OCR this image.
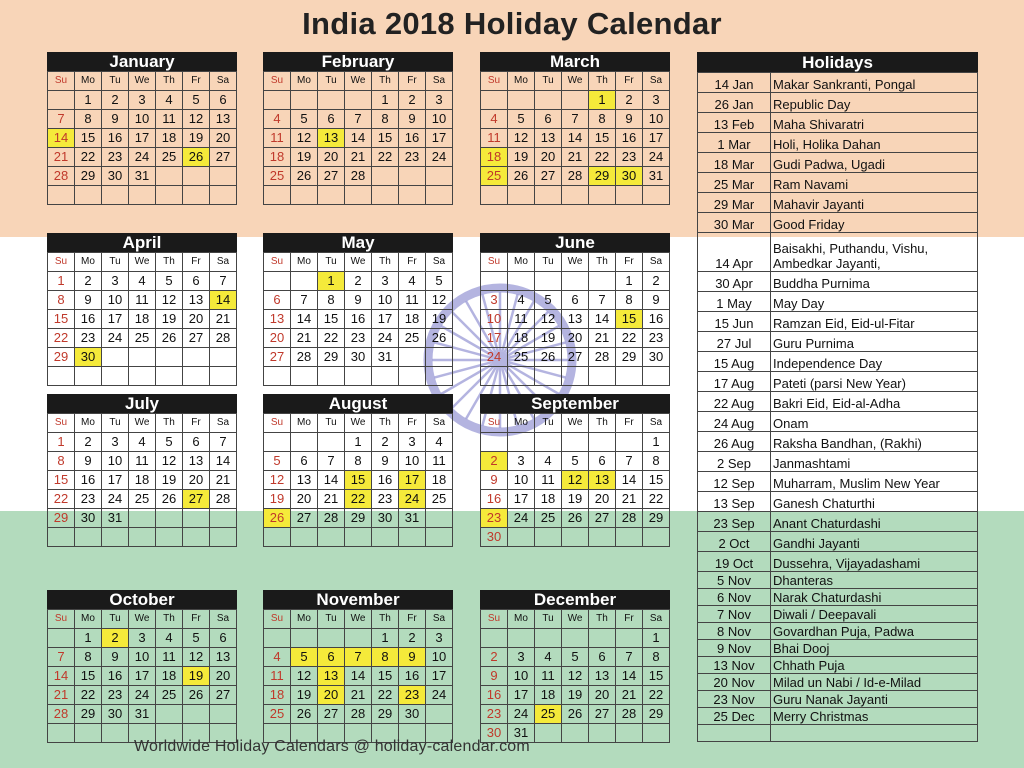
India 2018 Holiday Calendar
January
Su	Mo	Tu	We	Th	Fr	Sa
	1	2	3	4	5	6
7	8	9	10	11	12	13
14	15	16	17	18	19	20
21	22	23	24	25	26	27
28	29	30	31			

February
Su	Mo	Tu	We	Th	Fr	Sa
				1	2	3
4	5	6	7	8	9	10
11	12	13	14	15	16	17
18	19	20	21	22	23	24
25	26	27	28			

March
Su	Mo	Tu	We	Th	Fr	Sa
				1	2	3
4	5	6	7	8	9	10
11	12	13	14	15	16	17
18	19	20	21	22	23	24
25	26	27	28	29	30	31

April
Su	Mo	Tu	We	Th	Fr	Sa
1	2	3	4	5	6	7
8	9	10	11	12	13	14
15	16	17	18	19	20	21
22	23	24	25	26	27	28
29	30					

May
Su	Mo	Tu	We	Th	Fr	Sa
		1	2	3	4	5
6	7	8	9	10	11	12
13	14	15	16	17	18	19
20	21	22	23	24	25	26
27	28	29	30	31		

June
Su	Mo	Tu	We	Th	Fr	Sa
					1	2
3	4	5	6	7	8	9
10	11	12	13	14	15	16
17	18	19	20	21	22	23
24	25	26	27	28	29	30

July
Su	Mo	Tu	We	Th	Fr	Sa
1	2	3	4	5	6	7
8	9	10	11	12	13	14
15	16	17	18	19	20	21
22	23	24	25	26	27	28
29	30	31				

August
Su	Mo	Tu	We	Th	Fr	Sa
			1	2	3	4
5	6	7	8	9	10	11
12	13	14	15	16	17	18
19	20	21	22	23	24	25
26	27	28	29	30	31	

September
Su	Mo	Tu	We	Th	Fr	Sa
						1
2	3	4	5	6	7	8
9	10	11	12	13	14	15
16	17	18	19	20	21	22
23	24	25	26	27	28	29
30						
October
Su	Mo	Tu	We	Th	Fr	Sa
	1	2	3	4	5	6
7	8	9	10	11	12	13
14	15	16	17	18	19	20
21	22	23	24	25	26	27
28	29	30	31			

November
Su	Mo	Tu	We	Th	Fr	Sa
				1	2	3
4	5	6	7	8	9	10
11	12	13	14	15	16	17
18	19	20	21	22	23	24
25	26	27	28	29	30	

December
Su	Mo	Tu	We	Th	Fr	Sa
						1
2	3	4	5	6	7	8
9	10	11	12	13	14	15
16	17	18	19	20	21	22
23	24	25	26	27	28	29
30	31					
Holidays
14 Jan	Makar Sankranti, Pongal
26 Jan	Republic Day
13 Feb	Maha Shivaratri
1 Mar	Holi, Holika Dahan
18 Mar	Gudi Padwa, Ugadi
25 Mar	Ram Navami
29 Mar	Mahavir Jayanti
30 Mar	Good Friday
14 Apr	Baisakhi, Puthandu, Vishu, Ambedkar Jayanti,
30 Apr	Buddha Purnima
1 May	May Day
15 Jun	Ramzan Eid, Eid-ul-Fitar
27 Jul	Guru Purnima
15 Aug	Independence Day
17 Aug	Pateti (parsi New Year)
22 Aug	Bakri Eid, Eid-al-Adha
24 Aug	Onam
26 Aug	Raksha Bandhan, (Rakhi)
2 Sep	Janmashtami
12 Sep	Muharram, Muslim New Year
13 Sep	Ganesh Chaturthi
23 Sep	Anant Chaturdashi
2 Oct	Gandhi Jayanti
19 Oct	Dussehra, Vijayadashami
5 Nov	Dhanteras
6 Nov	Narak Chaturdashi
7 Nov	Diwali / Deepavali
8 Nov	Govardhan Puja, Padwa
9 Nov	Bhai Dooj
13 Nov	Chhath Puja
20 Nov	Milad un Nabi / Id-e-Milad
23 Nov	Guru Nanak Jayanti
25 Dec	Merry Christmas

Worldwide Holiday Calendars @ holiday-calendar.com
